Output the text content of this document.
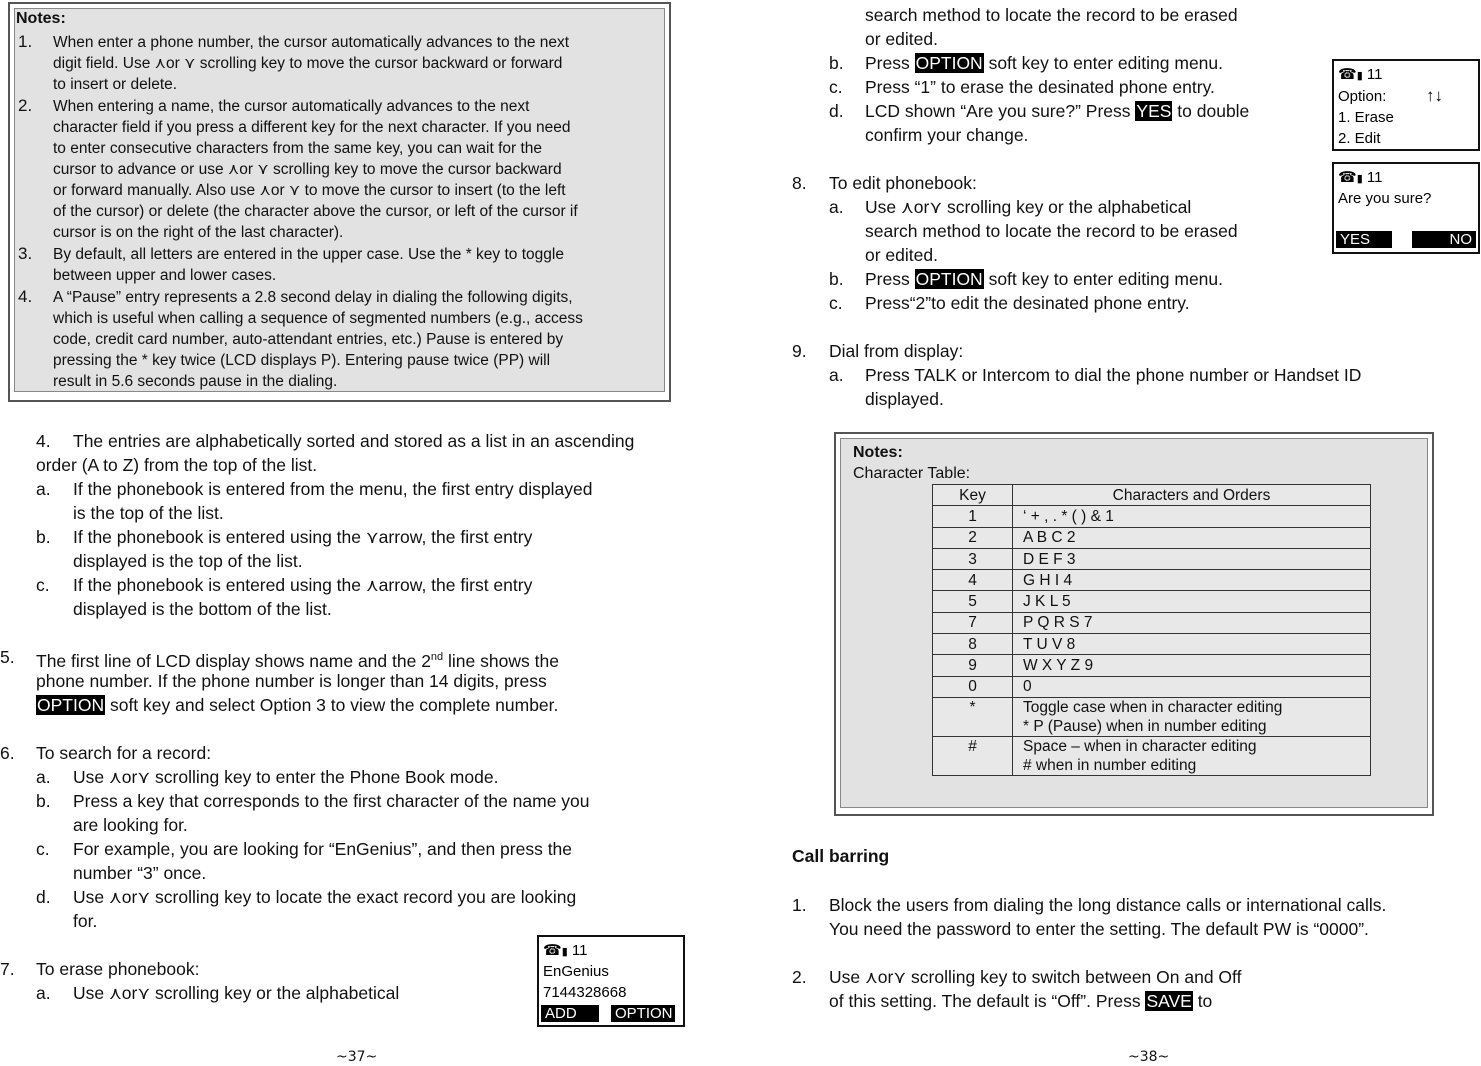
Notes:
1. When enter a phone number, the cursor automatically advances to the next
digit field. Use ⋏or ⋎ scrolling key to move the cursor backward or forward
to insert or delete.
2. When entering a name, the cursor automatically advances to the next
character field if you press a different key for the next character. If you need
to enter consecutive characters from the same key, you can wait for the
cursor to advance or use ⋏or ⋎ scrolling key to move the cursor backward
or forward manually. Also use ⋏or ⋎ to move the cursor to insert (to the left
of the cursor) or delete (the character above the cursor, or left of the cursor if
cursor is on the right of the last character).
3. By default, all letters are entered in the upper case. Use the * key to toggle
between upper and lower cases.
4. A “Pause” entry represents a 2.8 second delay in dialing the following digits,
which is useful when calling a sequence of segmented numbers (e.g., access
code, credit card number, auto-attendant entries, etc.) Pause is entered by
pressing the * key twice (LCD displays P). Entering pause twice (PP) will
result in 5.6 seconds pause in the dialing.
4. The entries are alphabetically sorted and stored as a list in an ascending
order (A to Z) from the top of the list.
a. If the phonebook is entered from the menu, the first entry displayed
is the top of the list.
b. If the phonebook is entered using the ⋎arrow, the first entry
displayed is the top of the list.
c. If the phonebook is entered using the ⋏arrow, the first entry
displayed is the bottom of the list.
5. The first line of LCD display shows name and the 2nd line shows the
phone number. If the phone number is longer than 14 digits, press
OPTION soft key and select Option 3 to view the complete number.
6. To search for a record:
a. Use ⋏or⋎ scrolling key to enter the Phone Book mode.
b. Press a key that corresponds to the first character of the name you
are looking for.
c. For example, you are looking for “EnGenius”, and then press the
number “3” once.
d. Use ⋏or⋎ scrolling key to locate the exact record you are looking
for.
7. To erase phonebook:
a. Use ⋏or⋎ scrolling key or the alphabetical
☎▮ 11
EnGenius
7144328668
ADD	OPTION
~37~
search method to locate the record to be erased
or edited.
b. Press OPTION soft key to enter editing menu.
c. Press “1” to erase the desinated phone entry.
d. LCD shown “Are you sure?” Press YES to double
confirm your change.
8. To edit phonebook:
a. Use ⋏or⋎ scrolling key or the alphabetical
search method to locate the record to be erased
or edited.
b. Press OPTION soft key to enter editing menu.
c. Press“2”to edit the desinated phone entry.
9. Dial from display:
a. Press TALK or Intercom to dial the phone number or Handset ID
displayed.
☎▮ 11
Option: ↑↓
1. Erase
2. Edit
☎▮ 11
Are you sure?
YES	NO
Notes:
Character Table:
Key	Characters and Orders
1	‘ + , . * ( ) & 1
2	A B C 2
3	D E F 3
4	G H I 4
5	J K L 5
7	P Q R S 7
8	T U V 8
9	W X Y Z 9
0	0
*	Toggle case when in character editing
* P (Pause) when in number editing

#	Space – when in character editing
# when in number editing
Call barring
1. Block the users from dialing the long distance calls or international calls.
You need the password to enter the setting. The default PW is “0000”.
2. Use ⋏or⋎ scrolling key to switch between On and Off
of this setting. The default is “Off”. Press SAVE to
~38~
